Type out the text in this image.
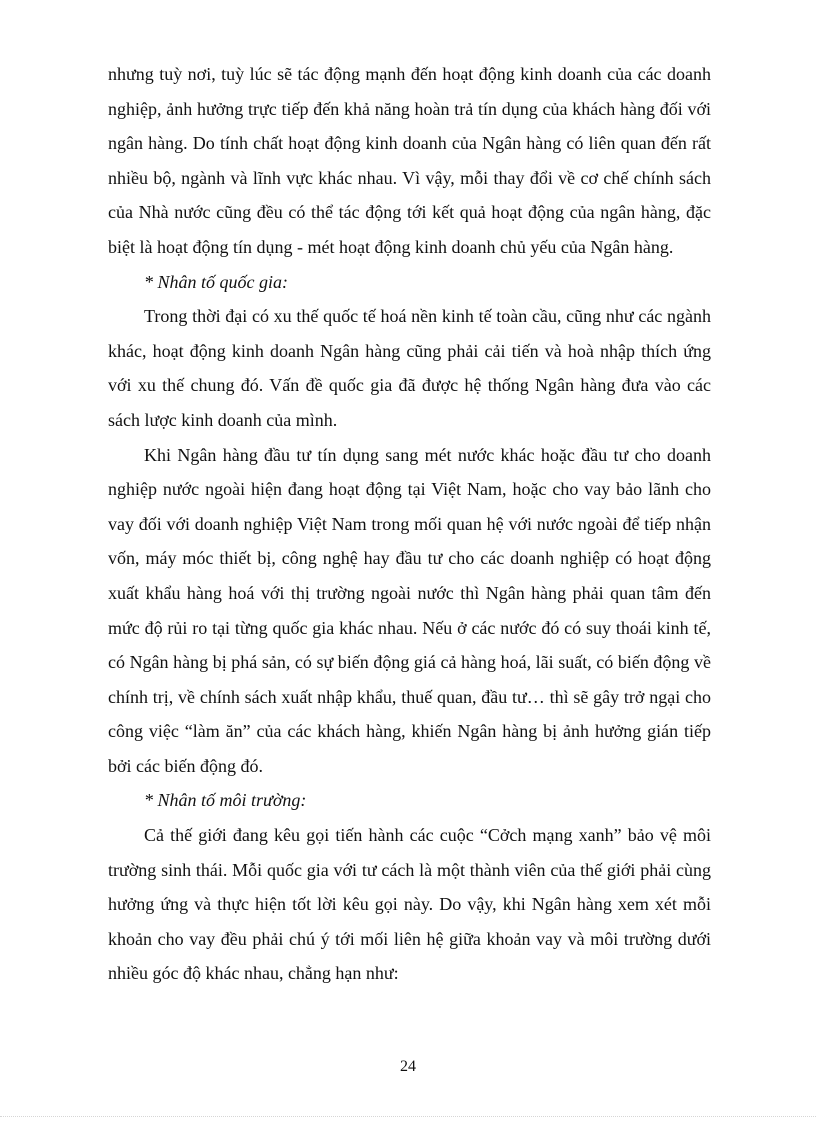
nhưng tuỳ nơi, tuỳ lúc sẽ tác động mạnh đến hoạt động kinh doanh của các doanh nghiệp, ảnh hưởng trực tiếp đến khả năng hoàn trả tín dụng của khách hàng đối với ngân hàng. Do tính chất hoạt động kinh doanh của Ngân hàng có liên quan đến rất nhiều bộ, ngành và lĩnh vực khác nhau. Vì vậy, mỗi thay đổi về cơ chế chính sách của Nhà nước cũng đều có thể tác động tới kết quả hoạt động của ngân hàng, đặc biệt là hoạt động tín dụng - mét hoạt động kinh doanh chủ yếu của Ngân hàng.

* Nhân tố quốc gia:

Trong thời đại có xu thế quốc tế hoá nền kinh tế toàn cầu, cũng như các ngành khác, hoạt động kinh doanh Ngân hàng cũng phải cải tiến và hoà nhập thích ứng với xu thế chung đó. Vấn đề quốc gia đã được hệ thống Ngân hàng đưa vào các sách lược kinh doanh của mình.

Khi Ngân hàng đầu tư tín dụng sang mét nước khác hoặc đầu tư cho doanh nghiệp nước ngoài hiện đang hoạt động tại Việt Nam, hoặc cho vay bảo lãnh cho vay đối với doanh nghiệp Việt Nam trong mối quan hệ với nước ngoài để tiếp nhận vốn, máy móc thiết bị, công nghệ hay đầu tư cho các doanh nghiệp có hoạt động xuất khẩu hàng hoá với thị trường ngoài nước thì Ngân hàng phải quan tâm đến mức độ rủi ro tại từng quốc gia khác nhau. Nếu ở các nước đó có suy thoái kinh tế, có Ngân hàng bị phá sản, có sự biến động giá cả hàng hoá, lãi suất, có biến động về chính trị, về chính sách xuất nhập khẩu, thuế quan, đầu tư… thì sẽ gây trở ngại cho công việc “làm ăn” của các khách hàng, khiến Ngân hàng bị ảnh hưởng gián tiếp bởi các biến động đó.

* Nhân tố môi trường:

Cả thế giới đang kêu gọi tiến hành các cuộc “Cởch mạng xanh” bảo vệ môi trường sinh thái. Mỗi quốc gia với tư cách là một thành viên của thế giới phải cùng hưởng ứng và thực hiện tốt lời kêu gọi này. Do vậy, khi Ngân hàng xem xét mỗi khoản cho vay đều phải chú ý tới mối liên hệ giữa khoản vay và môi trường dưới nhiều góc độ khác nhau, chẳng hạn như:

24
